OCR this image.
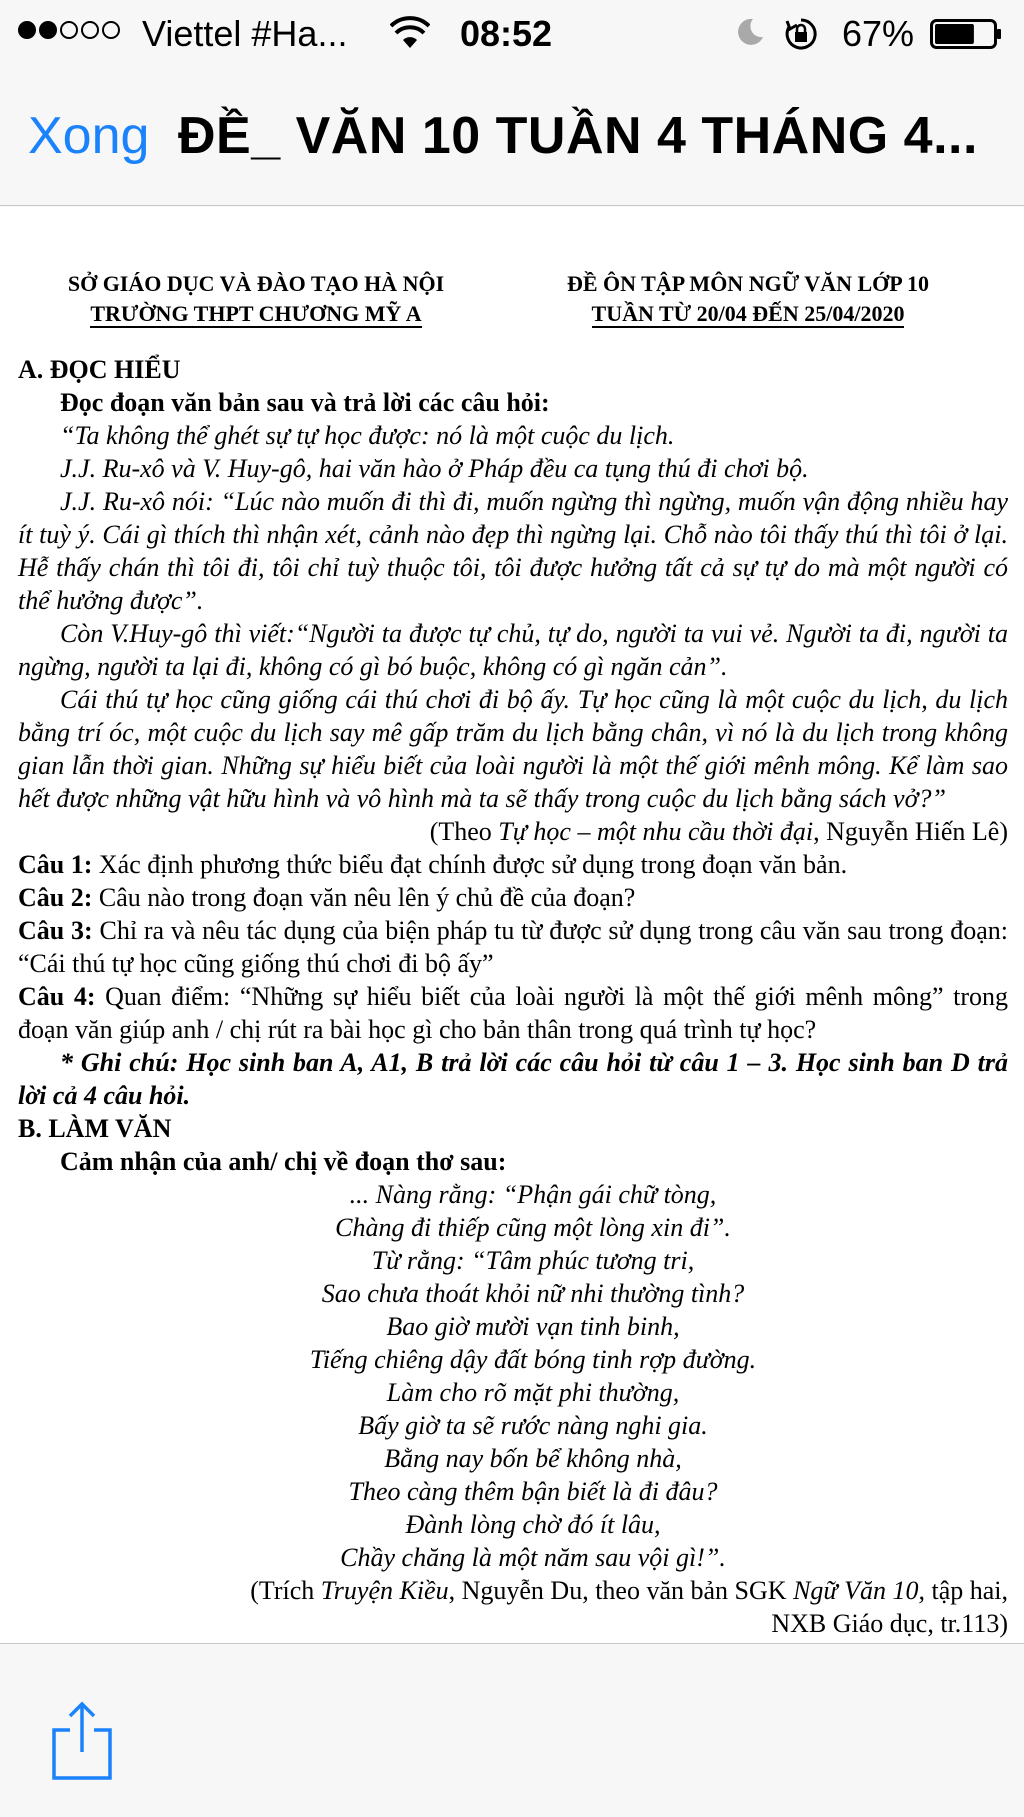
Viettel #Ha...	08:52	67%
Xong ĐỀ_ VĂN 10 TUẦN 4 THÁNG 4...
SỞ GIÁO DỤC VÀ ĐÀO TẠO HÀ NỘI
TRƯỜNG THPT CHƯƠNG MỸ A
ĐỀ ÔN TẬP MÔN NGỮ VĂN LỚP 10
TUẦN TỪ 20/04 ĐẾN 25/04/2020

A. ĐỌC HIỂU

Đọc đoạn văn bản sau và trả lời các câu hỏi:

“Ta không thể ghét sự tự học được: nó là một cuộc du lịch.

J.J. Ru-xô và V. Huy-gô, hai văn hào ở Pháp đều ca tụng thú đi chơi bộ.

J.J. Ru-xô nói: “Lúc nào muốn đi thì đi, muốn ngừng thì ngừng, muốn vận động nhiều hay ít tuỳ ý. Cái gì thích thì nhận xét, cảnh nào đẹp thì ngừng lại. Chỗ nào tôi thấy thú thì tôi ở lại. Hễ thấy chán thì tôi đi, tôi chỉ tuỳ thuộc tôi, tôi được hưởng tất cả sự tự do mà một người có thể hưởng được”.

Còn V.Huy-gô thì viết:“Người ta được tự chủ, tự do, người ta vui vẻ. Người ta đi, người ta ngừng, người ta lại đi, không có gì bó buộc, không có gì ngăn cản”.

Cái thú tự học cũng giống cái thú chơi đi bộ ấy. Tự học cũng là một cuộc du lịch, du lịch bằng trí óc, một cuộc du lịch say mê gấp trăm du lịch bằng chân, vì nó là du lịch trong không gian lẫn thời gian. Những sự hiểu biết của loài người là một thế giới mênh mông. Kể làm sao hết được những vật hữu hình và vô hình mà ta sẽ thấy trong cuộc du lịch bằng sách vở?”

(Theo Tự học – một nhu cầu thời đại, Nguyễn Hiến Lê)

Câu 1: Xác định phương thức biểu đạt chính được sử dụng trong đoạn văn bản.

Câu 2: Câu nào trong đoạn văn nêu lên ý chủ đề của đoạn?

Câu 3: Chỉ ra và nêu tác dụng của biện pháp tu từ được sử dụng trong câu văn sau trong đoạn: “Cái thú tự học cũng giống thú chơi đi bộ ấy”

Câu 4: Quan điểm: “Những sự hiểu biết của loài người là một thế giới mênh mông” trong đoạn văn giúp anh / chị rút ra bài học gì cho bản thân trong quá trình tự học?

* Ghi chú: Học sinh ban A, A1, B trả lời các câu hỏi từ câu 1 – 3. Học sinh ban D trả lời cả 4 câu hỏi.

B. LÀM VĂN

Cảm nhận của anh/ chị về đoạn thơ sau:

... Nàng rằng: “Phận gái chữ tòng,

Chàng đi thiếp cũng một lòng xin đi”.

Từ rằng: “Tâm phúc tương tri,

Sao chưa thoát khỏi nữ nhi thường tình?

Bao giờ mười vạn tinh binh,

Tiếng chiêng dậy đất bóng tinh rợp đường.

Làm cho rõ mặt phi thường,

Bấy giờ ta sẽ rước nàng nghi gia.

Bằng nay bốn bể không nhà,

Theo càng thêm bận biết là đi đâu?

Đành lòng chờ đó ít lâu,

Chầy chăng là một năm sau vội gì!”.

(Trích Truyện Kiều, Nguyễn Du, theo văn bản SGK Ngữ Văn 10, tập hai,

NXB Giáo dục, tr.113)
